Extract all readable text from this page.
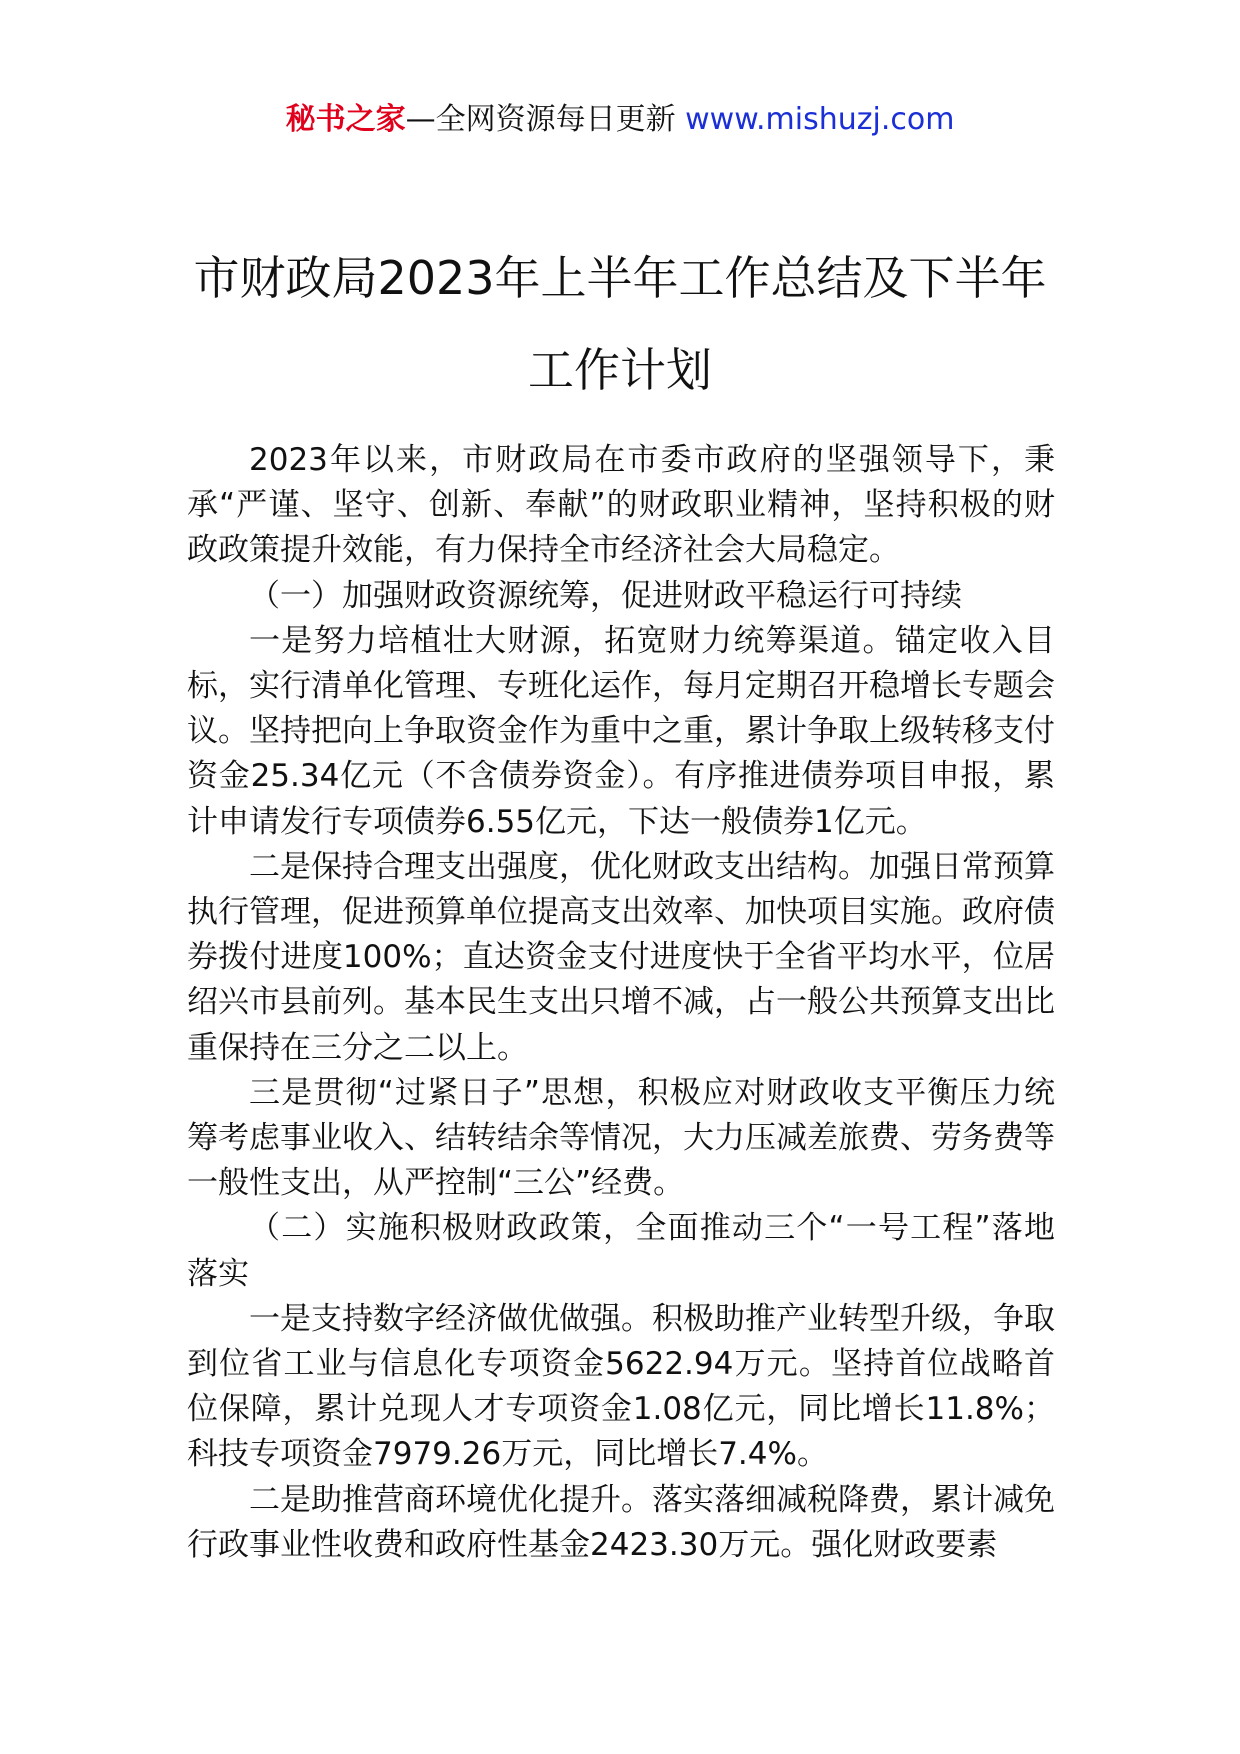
秘书之家—全网资源每日更新 www.mishuzj.com
市财政局2023年上半年工作总结及下半年
工作计划

2023年以来，市财政局在市委市政府的坚强领导下，秉承“严谨、坚守、创新、奉献”的财政职业精神，坚持积极的财政政策提升效能，有力保持全市经济社会大局稳定。

（一）加强财政资源统筹，促进财政平稳运行可持续

一是努力培植壮大财源，拓宽财力统筹渠道。锚定收入目标，实行清单化管理、专班化运作，每月定期召开稳增长专题会议。坚持把向上争取资金作为重中之重，累计争取上级转移支付资金25.34亿元（不含债券资金）。有序推进债券项目申报，累计申请发行专项债券6.55亿元，下达一般债券1亿元。

二是保持合理支出强度，优化财政支出结构。加强日常预算执行管理，促进预算单位提高支出效率、加快项目实施。政府债券拨付进度100%；直达资金支付进度快于全省平均水平，位居绍兴市县前列。基本民生支出只增不减，占一般公共预算支出比重保持在三分之二以上。

三是贯彻“过紧日子”思想，积极应对财政收支平衡压力统筹考虑事业收入、结转结余等情况，大力压减差旅费、劳务费等一般性支出，从严控制“三公”经费。

（二）实施积极财政政策，全面推动三个“一号工程”落地落实

一是支持数字经济做优做强。积极助推产业转型升级，争取到位省工业与信息化专项资金5622.94万元。坚持首位战略首位保障，累计兑现人才专项资金1.08亿元，同比增长11.8%；科技专项资金7979.26万元，同比增长7.4%。

二是助推营商环境优化提升。落实落细减税降费，累计减免行政事业性收费和政府性基金2423.30万元。强化财政要素
